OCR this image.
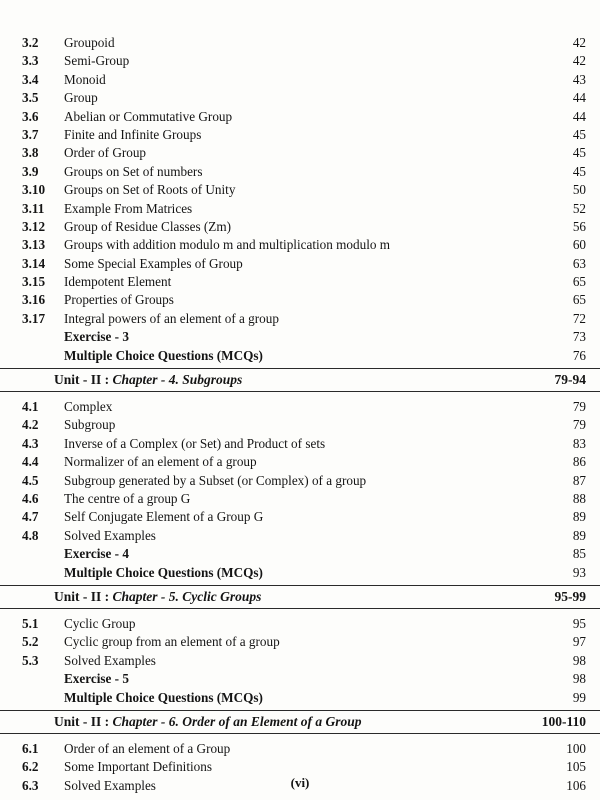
3.2 Groupoid	42
3.3 Semi-Group	42
3.4 Monoid	43
3.5 Group	44
3.6 Abelian or Commutative Group	44
3.7 Finite and Infinite Groups	45
3.8 Order of Group	45
3.9 Groups on Set of numbers	45
3.10 Groups on Set of Roots of Unity	50
3.11 Example From Matrices	52
3.12 Group of Residue Classes (Zm)	56
3.13 Groups with addition modulo m and multiplication modulo m	60
3.14 Some Special Examples of Group	63
3.15 Idempotent Element	65
3.16 Properties of Groups	65
3.17 Integral powers of an element of a group	72
Exercise - 3	73
Multiple Choice Questions (MCQs)	76
Unit - II : Chapter - 4. Subgroups	79-94
4.1 Complex	79
4.2 Subgroup	79
4.3 Inverse of a Complex (or Set) and Product of sets	83
4.4 Normalizer of an element of a group	86
4.5 Subgroup generated by a Subset (or Complex) of a group	87
4.6 The centre of a group G	88
4.7 Self Conjugate Element of a Group G	89
4.8 Solved Examples	89
Exercise - 4	85
Multiple Choice Questions (MCQs)	93
Unit - II : Chapter - 5. Cyclic Groups	95-99
5.1 Cyclic Group	95
5.2 Cyclic group from an element of a group	97
5.3 Solved Examples	98
Exercise - 5	98
Multiple Choice Questions (MCQs)	99
Unit - II : Chapter - 6. Order of an Element of a Group	100-110
6.1 Order of an element of a Group	100
6.2 Some Important Definitions	105
6.3 Solved Examples	106
(vi)
